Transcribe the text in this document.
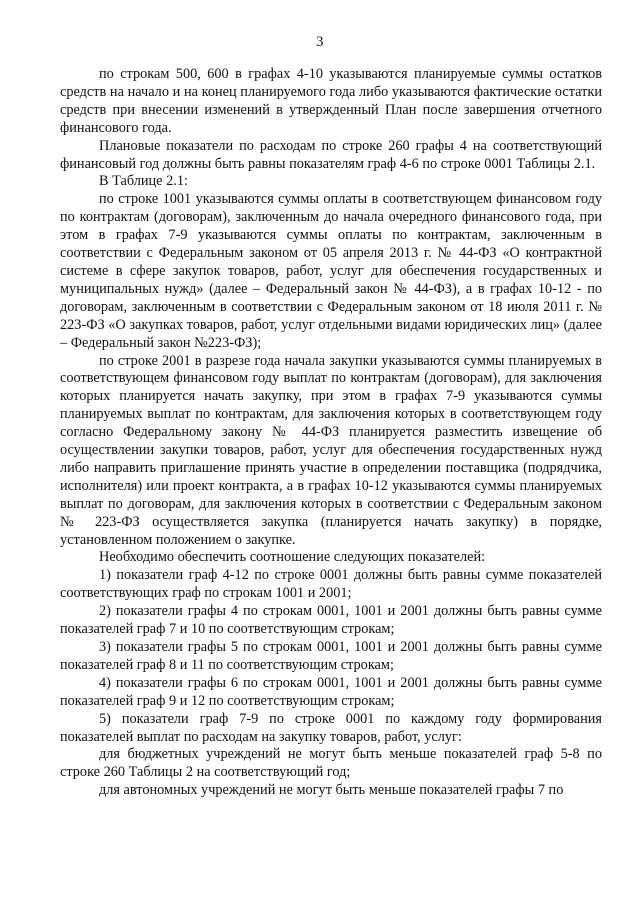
3

по строкам 500, 600 в графах 4-10 указываются планируемые суммы остатков средств на начало и на конец планируемого года либо указываются фактические остатки средств при внесении изменений в утвержденный План после завершения отчетного финансового года.

Плановые показатели по расходам по строке 260 графы 4 на соответствующий финансовый год должны быть равны показателям граф 4-6 по строке 0001 Таблицы 2.1.

В Таблице 2.1:

по строке 1001 указываются суммы оплаты в соответствующем финансовом году по контрактам (договорам), заключенным до начала очередного финансового года, при этом в графах 7-9 указываются суммы оплаты по контрактам, заключенным в соответствии с Федеральным законом от 05 апреля 2013 г. № 44-ФЗ «О контрактной системе в сфере закупок товаров, работ, услуг для обеспечения государственных и муниципальных нужд» (далее – Федеральный закон № 44-ФЗ), а в графах 10-12 - по договорам, заключенным в соответствии с Федеральным законом от 18 июля 2011 г. № 223-ФЗ «О закупках товаров, работ, услуг отдельными видами юридических лиц» (далее – Федеральный закон №223-ФЗ);

по строке 2001 в разрезе года начала закупки указываются суммы планируемых в соответствующем финансовом году выплат по контрактам (договорам), для заключения которых планируется начать закупку, при этом в графах 7-9 указываются суммы планируемых выплат по контрактам, для заключения которых в соответствующем году согласно Федеральному закону № 44-ФЗ планируется разместить извещение об осуществлении закупки товаров, работ, услуг для обеспечения государственных нужд либо направить приглашение принять участие в определении поставщика (подрядчика, исполнителя) или проект контракта, а в графах 10-12 указываются суммы планируемых выплат по договорам, для заключения которых в соответствии с Федеральным законом № 223-ФЗ осуществляется закупка (планируется начать закупку) в порядке, установленном положением о закупке.

Необходимо обеспечить соотношение следующих показателей:

1) показатели граф 4-12 по строке 0001 должны быть равны сумме показателей соответствующих граф по строкам 1001 и 2001;

2) показатели графы 4 по строкам 0001, 1001 и 2001 должны быть равны сумме показателей граф 7 и 10 по соответствующим строкам;

3) показатели графы 5 по строкам 0001, 1001 и 2001 должны быть равны сумме показателей граф 8 и 11 по соответствующим строкам;

4) показатели графы 6 по строкам 0001, 1001 и 2001 должны быть равны сумме показателей граф 9 и 12 по соответствующим строкам;

5) показатели граф 7-9 по строке 0001 по каждому году формирования показателей выплат по расходам на закупку товаров, работ, услуг:

для бюджетных учреждений не могут быть меньше показателей граф 5-8 по строке 260 Таблицы 2 на соответствующий год;

для автономных учреждений не могут быть меньше показателей графы 7 по
